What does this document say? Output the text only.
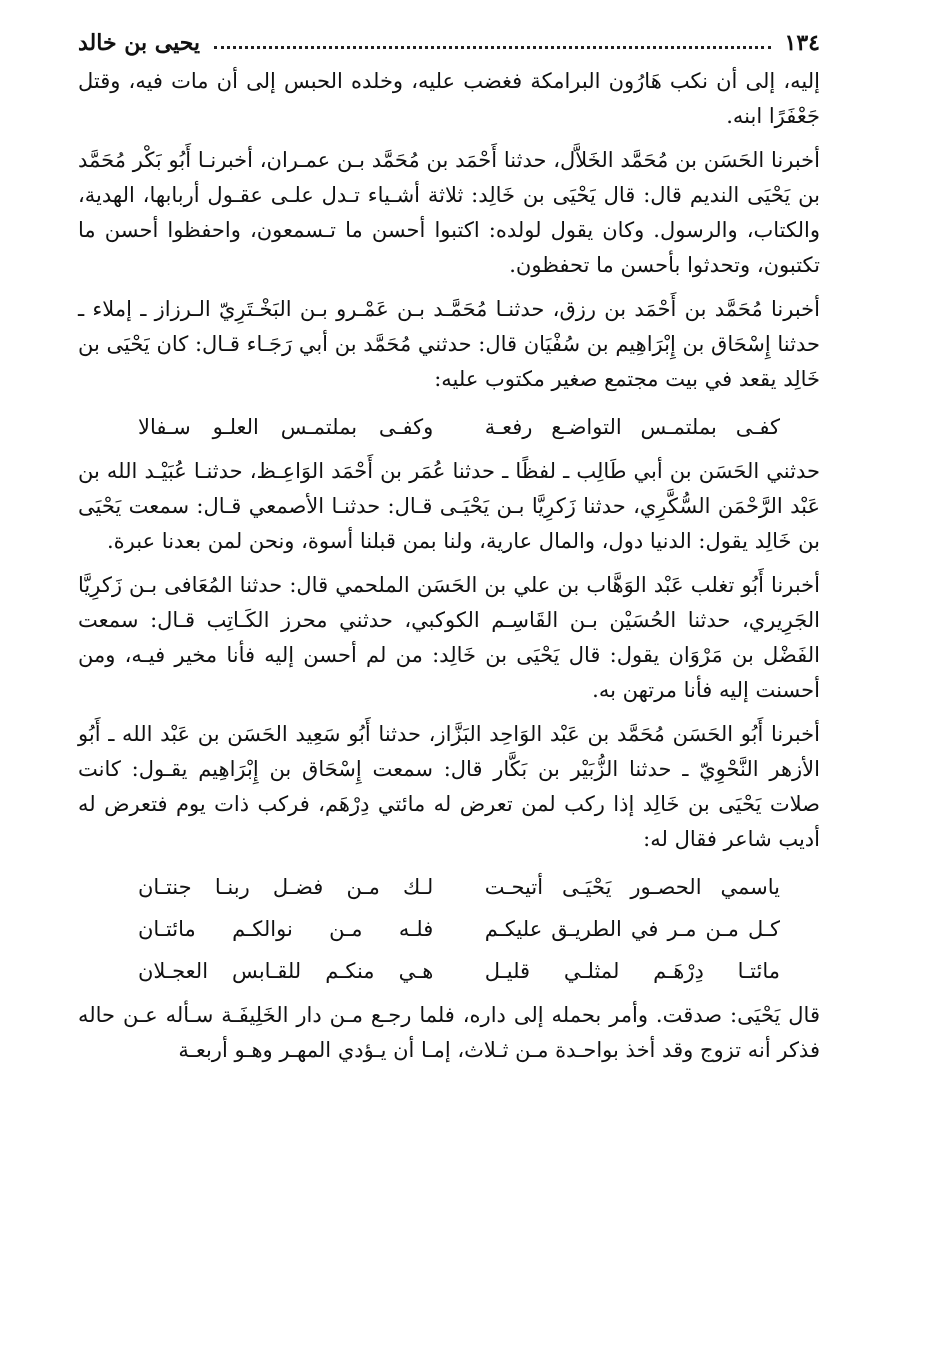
١٣٤
يحيى بن خالد

إليه، إلى أن نكب هَارُون البرامكة فغضب عليه، وخلده الحبس إلى أن مات فيه، وقتل جَعْفَرًا ابنه.

أخبرنا الحَسَن بن مُحَمَّد الخَلاَّل، حدثنا أَحْمَد بن مُحَمَّد بـن عمـران، أخبرنـا أَبُو بَكْر مُحَمَّد بن يَحْيَى النديم قال: قال يَحْيَى بن خَالِد: ثلاثة أشـياء تـدل علـى عقـول أربابها، الهدية، والكتاب، والرسول. وكان يقول لولده: اكتبوا أحسن ما تـسمعون، واحفظوا أحسن ما تكتبون، وتحدثوا بأحسن ما تحفظون.

أخبرنا مُحَمَّد بن أَحْمَد بن رزق، حدثنـا مُحَمَّـد بـن عَمْـرو بـن البَخْـتَرِيّ الـرزاز ـ إملاء ـ حدثنا إِسْحَاق بن إِبْرَاهِيم بن سُفْيَان قال: حدثني مُحَمَّد بن أبي رَجَـاء قـال: كان يَحْيَى بن خَالِد يقعد في بيت مجتمع صغير مكتوب عليه:

كفـى بملتمـس التواضـع رفعـة
وكفـى بملتمـس العلـو سـفالا

حدثني الحَسَن بن أبي طَالِب ـ لفظًا ـ حدثنا عُمَر بن أَحْمَد الوَاعِـظ، حدثنـا عُبَيْـد الله بن عَبْد الرَّحْمَن السُّكَّرِي، حدثنا زَكرِيَّا بـن يَحْيَـى قـال: حدثنـا الأصمعي قـال: سمعت يَحْيَى بن خَالِد يقول: الدنيا دول، والمال عارية، ولنا بمن قبلنا أسوة، ونحن لمن بعدنا عبرة.

أخبرنا أَبُو تغلب عَبْد الوَهَّاب بن علي بن الحَسَن الملحمي قال: حدثنا المُعَافى بـن زَكرِيَّا الجَرِيري، حدثنا الحُسَيْن بـن القَاسِـم الكوكبي، حدثني محرز الكَـاتِب قـال: سمعت الفَضْل بن مَرْوَان يقول: قال يَحْيَى بن خَالِد: من لم أحسن إليه فأنا مخير فيـه، ومن أحسنت إليه فأنا مرتهن به.

أخبرنا أَبُو الحَسَن مُحَمَّد بن عَبْد الوَاحِد البَزَّاز، حدثنا أَبُو سَعِيد الحَسَن بن عَبْد الله ـ أَبُو الأزهر النَّحْوِيّ ـ حدثنا الزُّبَيْر بن بَكَّار قال: سمعت إِسْحَاق بن إِبْرَاهِيم يقـول: كانت صلات يَحْيَى بن خَالِد إذا ركب لمن تعرض له مائتي دِرْهَم، فركب ذات يوم فتعرض له أديب شاعر فقال له:

ياسمي الحصـور يَحْيَـى أتيحـت
لـك مـن فضـل ربنـا جنتـان
كـل مـن مـر في الطريـق عليكـم
فلـه مـن نوالكـم مائتـان
مائتـا دِرْهَـم لمثلـي قليـل
هـي منكـم للقـابس العجـلان

قال يَحْيَى: صدقت. وأمر بحمله إلى داره، فلما رجـع مـن دار الخَلِيفَـة سـأله عـن حاله فذكر أنه تزوج وقد أخذ بواحـدة مـن ثـلاث، إمـا أن يـؤدي المهـر وهـو أربعـة
